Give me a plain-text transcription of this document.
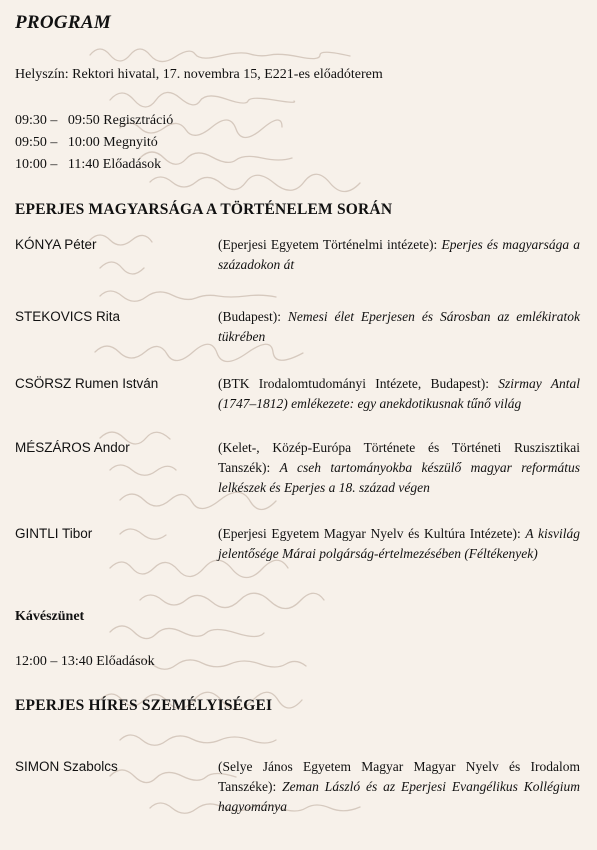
PROGRAM
Helyszín: Rektori hivatal, 17. novembra 15, E221-es előadóterem
09:30 – 09:50 Regisztráció
09:50 – 10:00 Megnyitó
10:00 – 11:40 Előadások
EPERJES MAGYARSÁGA A TÖRTÉNELEM SORÁN
KÓNYA Péter	(Eperjesi Egyetem Történelmi intézete): Eperjes és magyarsága a századokon át
STEKOVICS Rita	(Budapest): Nemesi élet Eperjesen és Sárosban az emlékiratok tükrében
CSÖRSZ Rumen István	(BTK Irodalomtudományi Intézete, Budapest): Szirmay Antal (1747–1812) emlékezete: egy anekdotikusnak tűnő világ
MÉSZÁROS Andor	(Kelet-, Közép-Európa Története és Történeti Ruszisztikai Tanszék): A cseh tartományokba készülő magyar református lelkészek és Eperjes a 18. század végen
GINTLI Tibor	(Eperjesi Egyetem Magyar Nyelv és Kultúra Intézete): A kisvilág jelentősége Márai polgárság-értelmezésében (Féltékenyek)
Kávészünet
12:00 – 13:40 Előadások
EPERJES HÍRES SZEMÉLYISÉGEI
SIMON Szabolcs	(Selye János Egyetem Magyar Magyar Nyelv és Irodalom Tanszéke): Zeman László és az Eperjesi Evangélikus Kollégium hagyománya
